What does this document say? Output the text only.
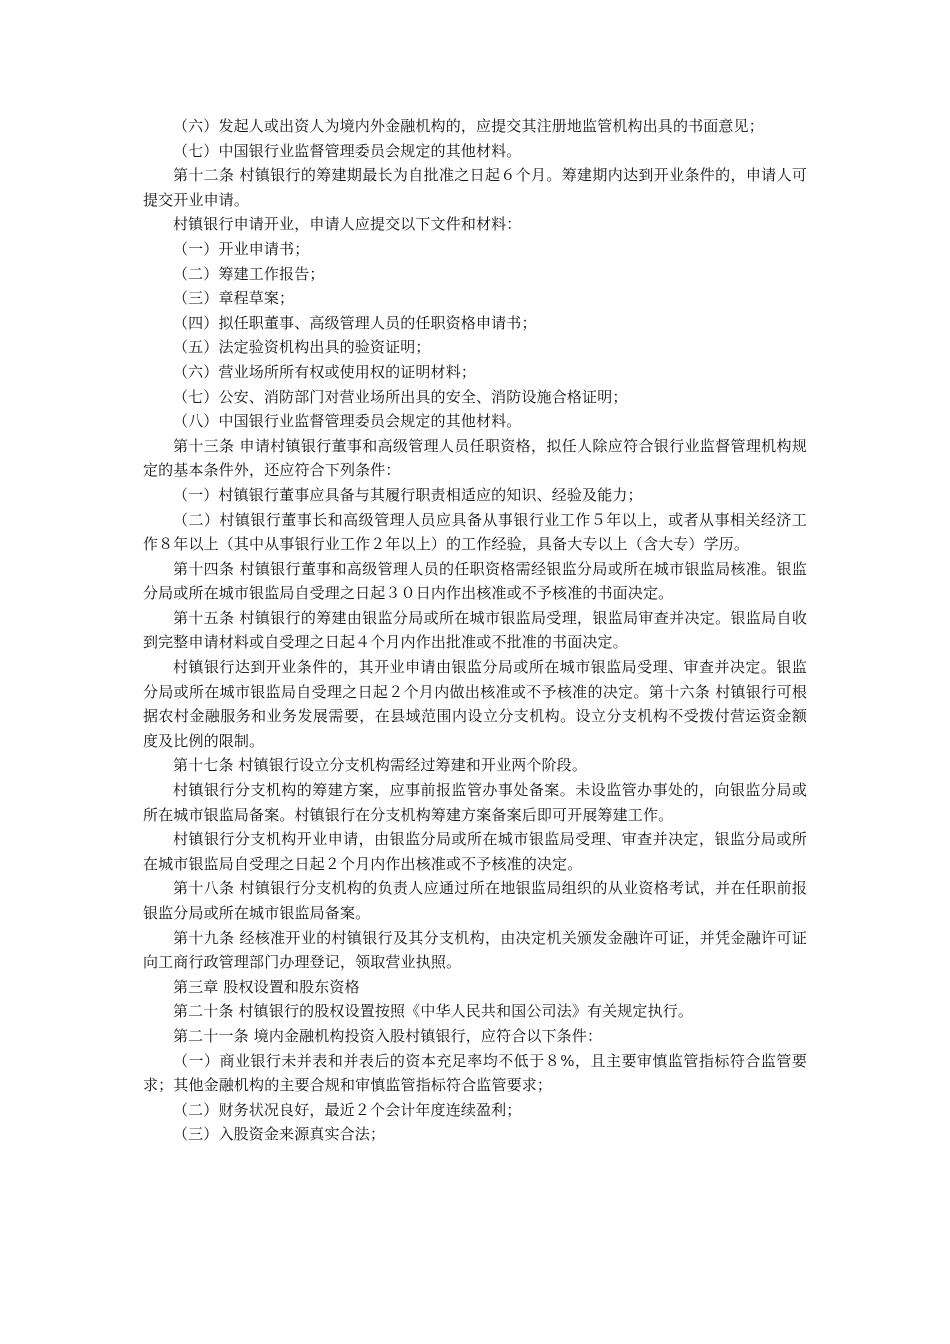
（六）发起人或出资人为境内外金融机构的，应提交其注册地监管机构出具的书面意见；

（七）中国银行业监督管理委员会规定的其他材料。

第十二条 村镇银行的筹建期最长为自批准之日起６个月。筹建期内达到开业条件的，申请人可提交开业申请。

村镇银行申请开业，申请人应提交以下文件和材料：

（一）开业申请书；

（二）筹建工作报告；

（三）章程草案；

（四）拟任职董事、高级管理人员的任职资格申请书；

（五）法定验资机构出具的验资证明；

（六）营业场所所有权或使用权的证明材料；

（七）公安、消防部门对营业场所出具的安全、消防设施合格证明；

（八）中国银行业监督管理委员会规定的其他材料。

第十三条 申请村镇银行董事和高级管理人员任职资格，拟任人除应符合银行业监督管理机构规定的基本条件外，还应符合下列条件：

（一）村镇银行董事应具备与其履行职责相适应的知识、经验及能力；

（二）村镇银行董事长和高级管理人员应具备从事银行业工作５年以上，或者从事相关经济工作８年以上（其中从事银行业工作２年以上）的工作经验，具备大专以上（含大专）学历。

第十四条 村镇银行董事和高级管理人员的任职资格需经银监分局或所在城市银监局核准。银监分局或所在城市银监局自受理之日起３０日内作出核准或不予核准的书面决定。

第十五条 村镇银行的筹建由银监分局或所在城市银监局受理，银监局审查并决定。银监局自收到完整申请材料或自受理之日起４个月内作出批准或不批准的书面决定。

村镇银行达到开业条件的，其开业申请由银监分局或所在城市银监局受理、审查并决定。银监分局或所在城市银监局自受理之日起２个月内做出核准或不予核准的决定。第十六条 村镇银行可根据农村金融服务和业务发展需要，在县域范围内设立分支机构。设立分支机构不受拨付营运资金额度及比例的限制。

第十七条 村镇银行设立分支机构需经过筹建和开业两个阶段。

村镇银行分支机构的筹建方案，应事前报监管办事处备案。未设监管办事处的，向银监分局或所在城市银监局备案。村镇银行在分支机构筹建方案备案后即可开展筹建工作。

村镇银行分支机构开业申请，由银监分局或所在城市银监局受理、审查并决定，银监分局或所在城市银监局自受理之日起２个月内作出核准或不予核准的决定。

第十八条 村镇银行分支机构的负责人应通过所在地银监局组织的从业资格考试，并在任职前报银监分局或所在城市银监局备案。

第十九条 经核准开业的村镇银行及其分支机构，由决定机关颁发金融许可证，并凭金融许可证向工商行政管理部门办理登记，领取营业执照。

第三章 股权设置和股东资格

第二十条 村镇银行的股权设置按照《中华人民共和国公司法》有关规定执行。

第二十一条 境内金融机构投资入股村镇银行，应符合以下条件：

（一）商业银行未并表和并表后的资本充足率均不低于８%，且主要审慎监管指标符合监管要求；其他金融机构的主要合规和审慎监管指标符合监管要求；

（二）财务状况良好，最近２个会计年度连续盈利；

（三）入股资金来源真实合法；
